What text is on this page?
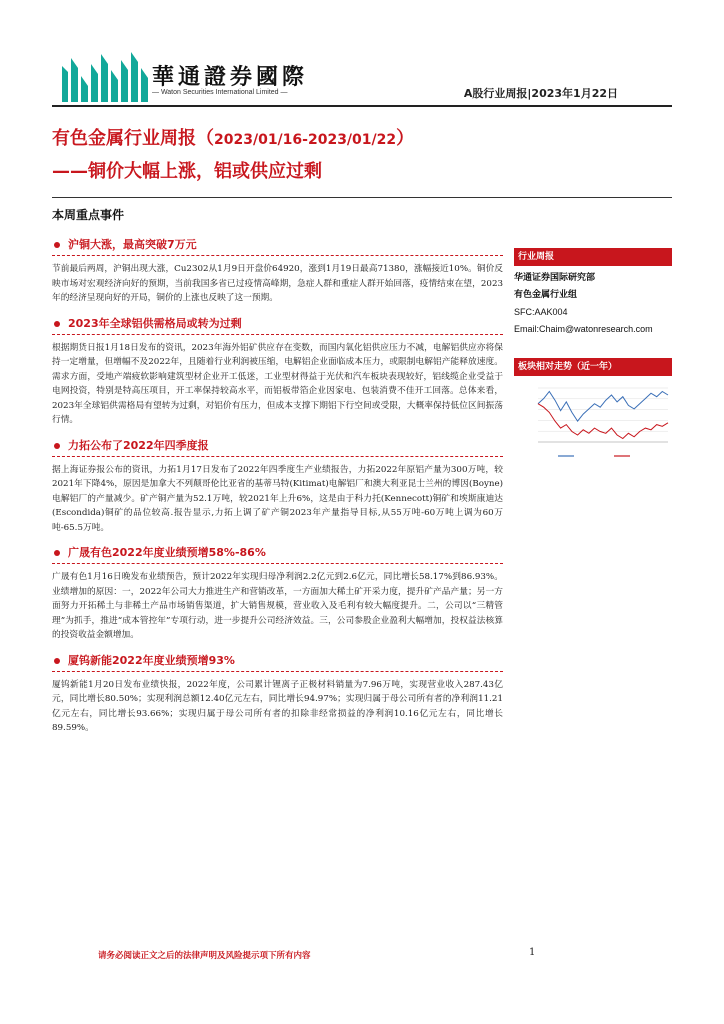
華通證券國際
— Waton Securities International Limited —	A股行业周报|2023年1月22日
有色金属行业周报（2023/01/16-2023/01/22）
——铜价大幅上涨，铝或供应过剩
本周重点事件
沪铜大涨，最高突破7万元

节前最后两周，沪铜出现大涨，Cu2302从1月9日开盘价64920，涨到1月19日最高71380，涨幅接近10%。铜价反映市场对宏观经济向好的预期，当前我国多省已过疫情高峰期，急症人群和重症人群开始回落，疫情结束在望，2023年的经济呈现向好的开局，铜价的上涨也反映了这一预期。

2023年全球铝供需格局或转为过剩

根据期货日报1月18日发布的资讯，2023年海外铝矿供应存在变数，而国内氧化铝供应压力不减，电解铝供应亦将保持一定增量，但增幅不及2022年，且随着行业利润被压缩，电解铝企业面临成本压力，或限制电解铝产能释放速度。需求方面，受地产端疲软影响建筑型材企业开工低迷，工业型材得益于光伏和汽车板块表现较好，铝线缆企业受益于电网投资，特别是特高压项目，开工率保持较高水平，而铝板带箔企业因家电、包装消费不佳开工回落。总体来看，2023年全球铝供需格局有望转为过剩，对铝价有压力，但成本支撑下期铝下行空间或受限，大概率保持低位区间振荡行情。

力拓公布了2022年四季度报

据上海证券报公布的资讯，力拓1月17日发布了2022年四季度生产业绩报告，力拓2022年原铝产量为300万吨，较2021年下降4%，原因是加拿大不列颠哥伦比亚省的基蒂马特(Kitimat)电解铝厂和澳大利亚昆士兰州的博因(Boyne)电解铝厂的产量减少。矿产铜产量为52.1万吨，较2021年上升6%，这是由于科力托(Kennecott)铜矿和埃斯康迪达(Escondida)铜矿的品位较高.报告显示,力拓上调了矿产铜2023年产量指导目标,从55万吨-60万吨上调为60万吨-65.5万吨。

广晟有色2022年度业绩预增58%-86%

广晟有色1月16日晚发布业绩预告，预计2022年实现归母净利润2.2亿元到2.6亿元，同比增长58.17%到86.93%。业绩增加的原因：一，2022年公司大力推进生产和营销改革，一方面加大稀土矿开采力度，提升矿产品产量；另一方面努力开拓稀土与非稀土产品市场销售渠道，扩大销售规模，营业收入及毛利有较大幅度提升。二，公司以“三精管理”为抓手，推进“成本管控年”专项行动，进一步提升公司经济效益。三，公司参股企业盈利大幅增加，投权益法核算的投资收益金额增加。

厦钨新能2022年度业绩预增93%

厦钨新能1月20日发布业绩快报，2022年度，公司累计锂离子正极材料销量为7.96万吨，实现营业收入287.43亿元，同比增长80.50%；实现利润总额12.40亿元左右，同比增长94.97%；实现归属于母公司所有者的净利润11.21亿元左右，同比增长93.66%；实现归属于母公司所有者的扣除非经常损益的净利润10.16亿元左右，同比增长89.59%。

行业周报
华通证券国际研究部
有色金属行业组
SFC:AAK004
Email:Chaim@watonresearch.com
板块相对走势（近一年）
请务必阅读正文之后的法律声明及风险提示项下所有内容	1
